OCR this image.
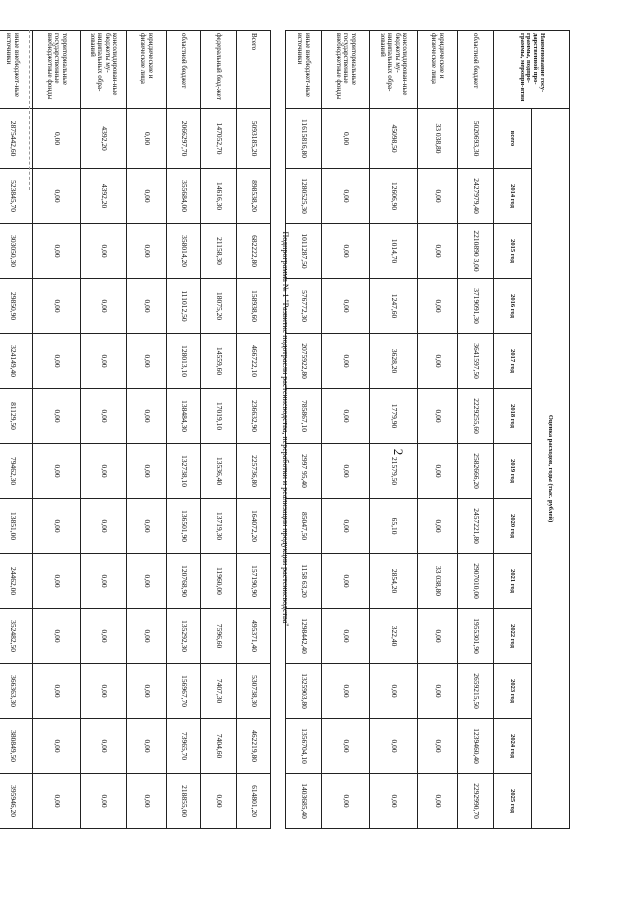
2
Наименование госу-дарственной про-граммы, подпро-граммы, меропри-ятия	Оценка расходов, годы (тыс. рублей)												
	всего	2014 год	2015 год	2016 год	2017 год	2018 год	2019 год	2020 год	2021 год	2022 год	2023 год	2024 год	2025 год
областной бюджет	5020693,30	2427979,40	2210890 3,00	3719091,30	3641597,50	2229255,60	2582666,20	2457221,80	2907010,00	1955301,90	2659215,50	1239460,40	2292990,70
юридические и физические лица	33 038,80	0,00	0,00	0,00	0,00	0,00	0,00	0,00	33 038,80	0,00	0,00	0,00	0,00
консолидирован-ные бюджеты му-ниципальных обра-зований	45098,50	12606,90	1014,70	1247,60	3628,20	1779,90	21579,50	65,10	2854,20	322,40	0,00	0,00	0,00
территориальные государственные внебюджетные фонды	0,00	0,00	0,00	0,00	0,00	0,00	0,00	0,00	0,00	0,00	0,00	0,00	0,00
иные внебюджет-ные источники	11615816,80	1280525,30	1011287,50	576772,30	2075922,80	785867,10	2997 95,40	85047,50	1158 63,20	1298442,40	1325903,80	1356704,10	1403685,40
Подпрограмма № 1 "Развитие подотрасли растениеводства, переработки и реализации продукции растениеводства"
Всего	5093185,20	898538,20	682222,80	158938,60	466722,10	236632,90	225736,80	164072,20	157190,90	495371,40	530738,30	462219,80	614801,20
федеральный бюд-жет	147052,70	14616,30	21158,30	18075,20	14559,60	17019,10	13536,40	13719,30	11960,00	7596,60	7407,30	7404,60	0,00
областной бюджет	2066297,70	355684,00	358014,20	111012,50	128013,10	138484,30	132738,10	136501,90	120768,90	135292,30	156967,70	73965,70	218855,00
юридические и физические лица	0,00	0,00	0,00	0,00	0,00	0,00	0,00	0,00	0,00	0,00	0,00	0,00	0,00
консолидирован-ные бюджеты му-ниципальных обра-зований	4392,20	4392,20	0,00	0,00	0,00	0,00	0,00	0,00	0,00	0,00	0,00	0,00	0,00
территориальные государственные внебюджетные фонды	0,00	0,00	0,00	0,00	0,00	0,00	0,00	0,00	0,00	0,00	0,00	0,00	0,00
иные внебюджет-ные источники	2875442,60	523845,70	303050,30	29850,90	324149,40	81129,50	79462,30	13851,00	24462,00	352482,50	366363,30	380849,50	395946,20
